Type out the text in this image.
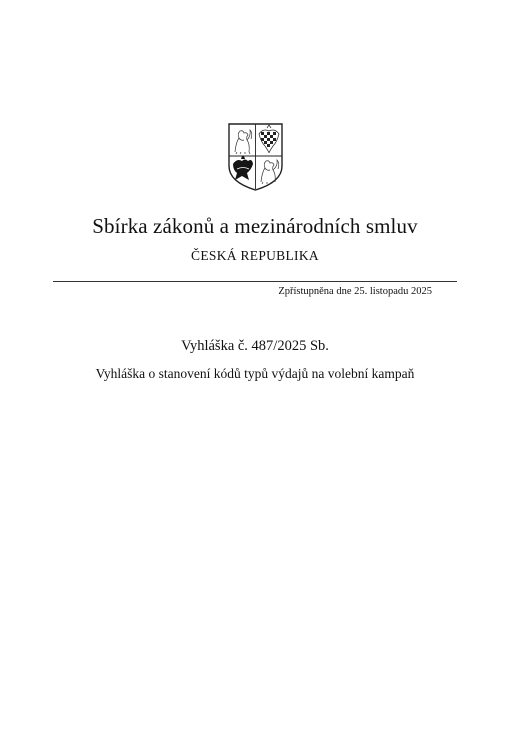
Sbírka zákonů a mezinárodních smluv
ČESKÁ REPUBLIKA
Zpřístupněna dne 25. listopadu 2025
Vyhláška č. 487/2025 Sb.
Vyhláška o stanovení kódů typů výdajů na volební kampaň
